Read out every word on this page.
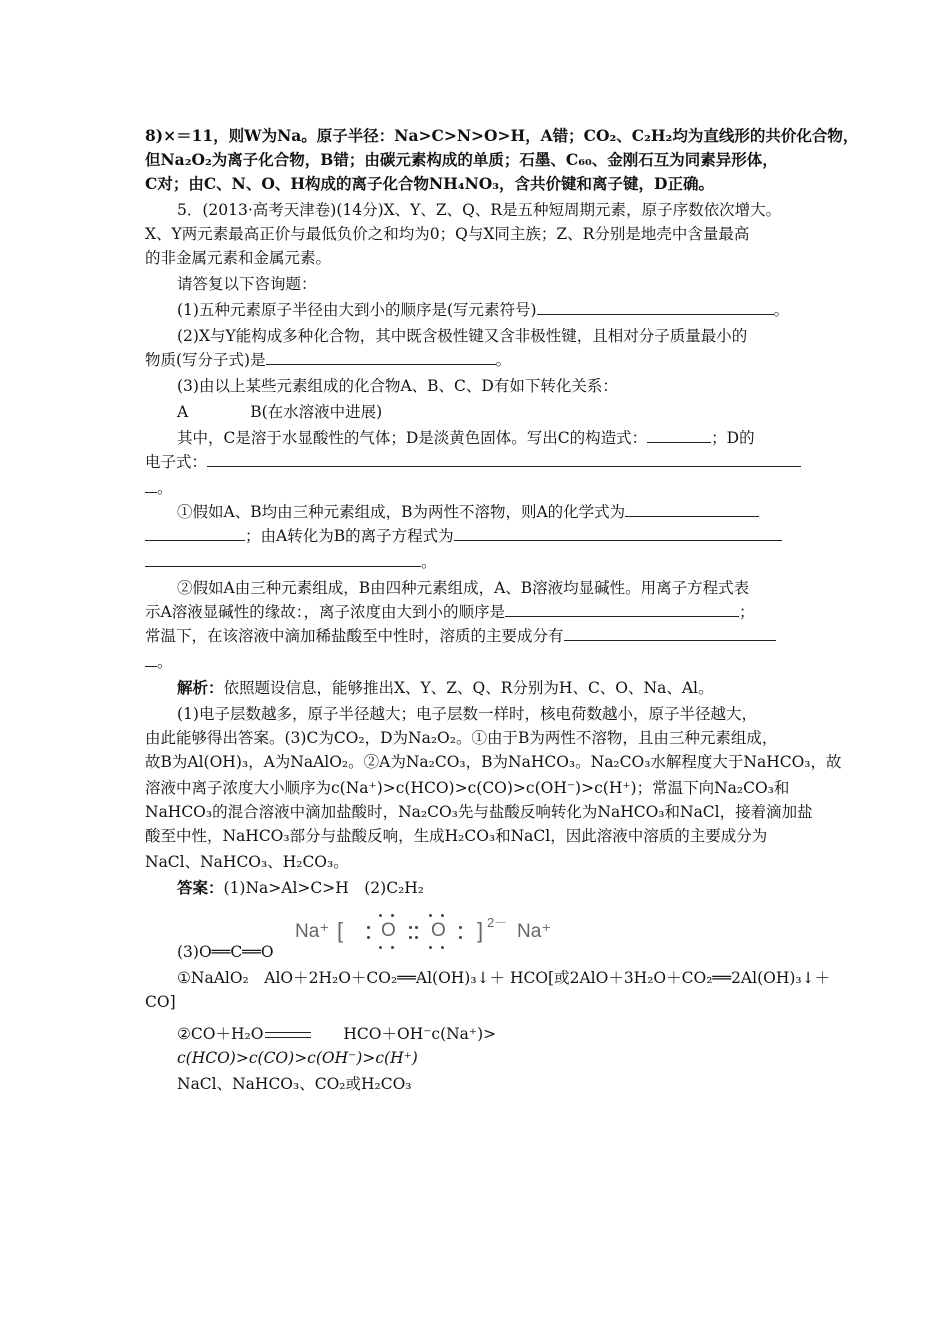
8)×＝11，则W为Na。原子半径：Na>C>N>O>H，A错；CO₂、C₂H₂均为直线形的共价化合物，
但Na₂O₂为离子化合物，B错；由碳元素构成的单质；石墨、C₆₀、金刚石互为同素异形体，
C对；由C、N、O、H构成的离子化合物NH₄NO₃，含共价键和离子键，D正确。
5．(2013·高考天津卷)(14分)X、Y、Z、Q、R是五种短周期元素，原子序数依次增大。
X、Y两元素最高正价与最低负价之和均为0；Q与X同主族；Z、R分别是地壳中含量最高
的非金属元素和金属元素。
请答复以下咨询题：
(1)五种元素原子半径由大到小的顺序是(写元素符号)	。
(2)X与Y能构成多种化合物，其中既含极性键又含非极性键，且相对分子质量最小的
物质(写分子式)是	。
(3)由以上某些元素组成的化合物A、B、C、D有如下转化关系：
A	B(在水溶液中进展)
其中，C是溶于水显酸性的气体；D是淡黄色固体。写出C的构造式：	；D的
电子式：
。
①假如A、B均由三种元素组成，B为两性不溶物，则A的化学式为
；由A转化为B的离子方程式为
。
②假如A由三种元素组成，B由四种元素组成，A、B溶液均显碱性。用离子方程式表
示A溶液显碱性的缘故：，离子浓度由大到小的顺序是	；
常温下，在该溶液中滴加稀盐酸至中性时，溶质的主要成分有
。
解析：依照题设信息，能够推出X、Y、Z、Q、R分别为H、C、O、Na、Al。
(1)电子层数越多，原子半径越大；电子层数一样时，核电荷数越小，原子半径越大，
由此能够得出答案。(3)C为CO₂，D为Na₂O₂。①由于B为两性不溶物，且由三种元素组成，
故B为Al(OH)₃，A为NaAlO₂。②A为Na₂CO₃，B为NaHCO₃。Na₂CO₃水解程度大于NaHCO₃，故
溶液中离子浓度大小顺序为c(Na⁺)>c(HCO)>c(CO)>c(OH⁻)>c(H⁺)；常温下向Na₂CO₃和
NaHCO₃的混合溶液中滴加盐酸时，Na₂CO₃先与盐酸反响转化为NaHCO₃和NaCl，接着滴加盐
酸至中性，NaHCO₃部分与盐酸反响，生成H₂CO₃和NaCl，因此溶液中溶质的主要成分为
NaCl、NaHCO₃、H₂CO₃。
答案：(1)Na>Al>C>H　(2)C₂H₂
Na⁺ [ O O ] 2－ Na⁺
(3)O══C══O
①NaAlO₂　AlO＋2H₂O＋CO₂══Al(OH)₃↓＋ HCO[或2AlO＋3H₂O＋CO₂══2Al(OH)₃↓＋
CO]
②CO＋H₂O	HCO＋OH⁻c(Na⁺)>
c(HCO)>c(CO)>c(OH⁻)>c(H⁺)
NaCl、NaHCO₃、CO₂或H₂CO₃
